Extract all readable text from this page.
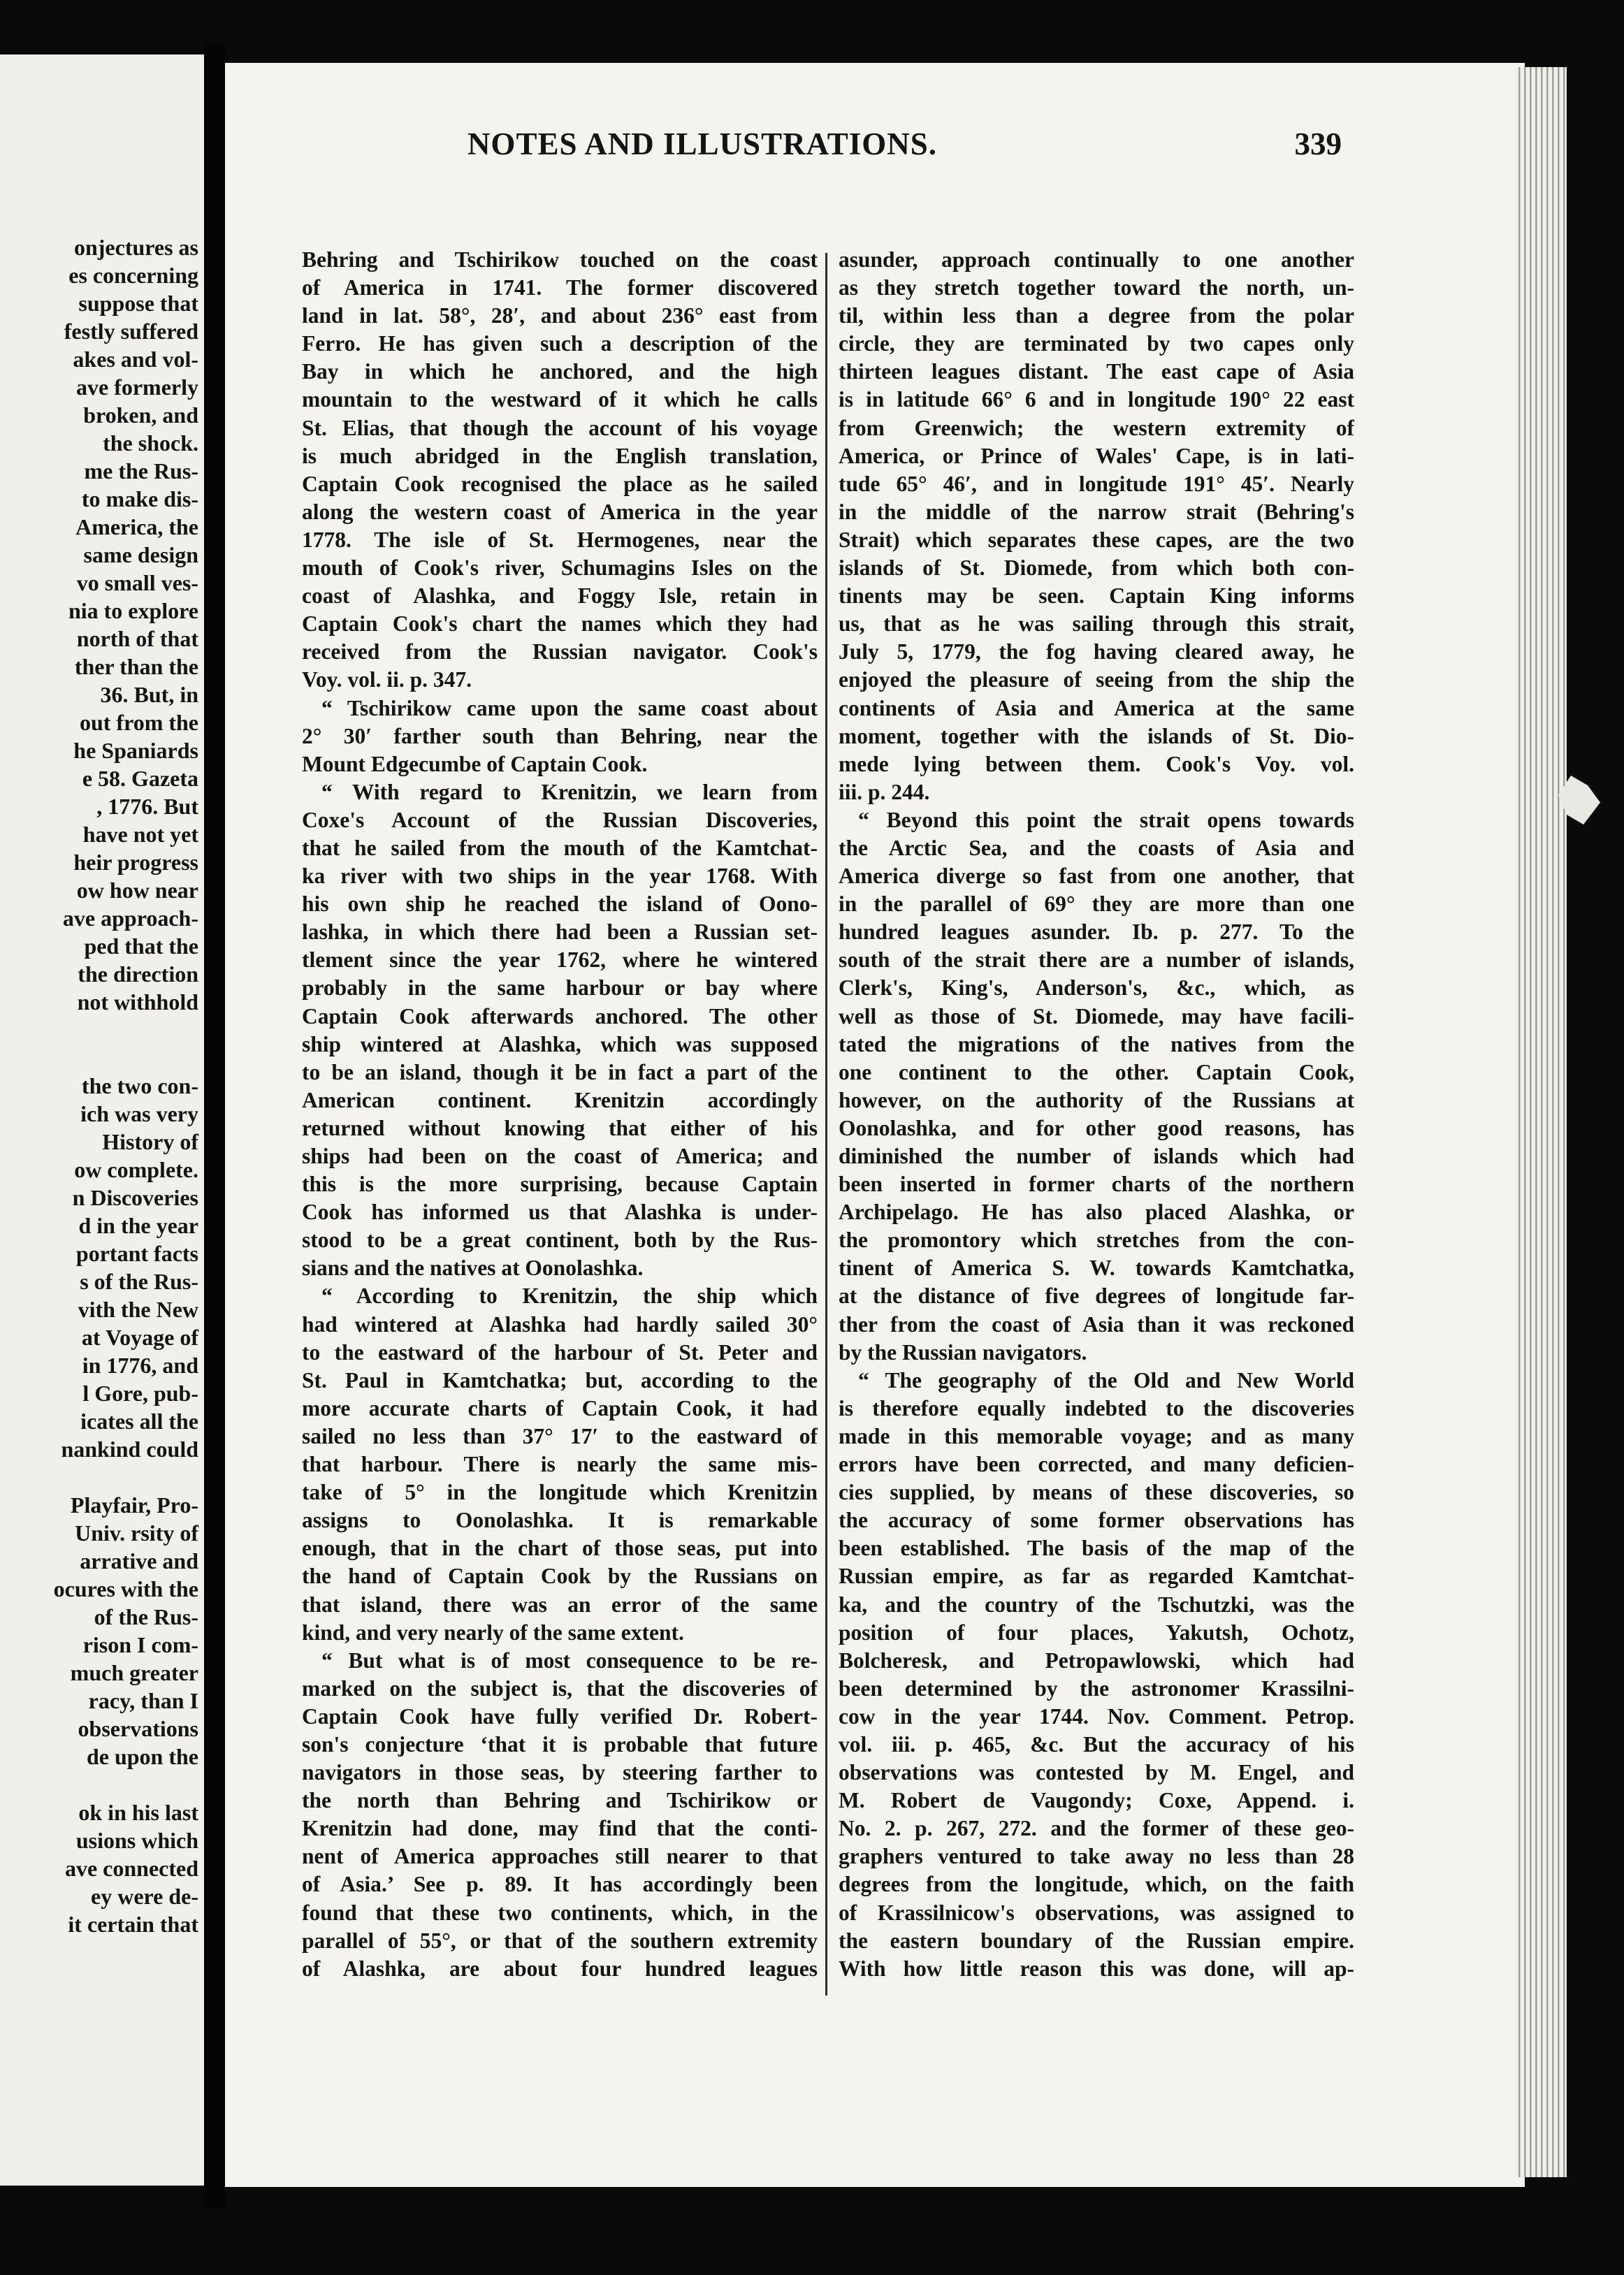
onjectures as
es concerning
suppose that
festly suffered
akes and vol-
ave formerly
broken, and
the shock.
me the Rus-
to make dis-
America, the
same design
vo small ves-
nia to explore
north of that
ther than the
36. But, in
out from the
he Spaniards
e 58. Gazeta
, 1776. But
have not yet
heir progress
ow how near
ave approach-
ped that the
the direction
not withhold
the two con-
ich was very
History of
ow complete.
n Discoveries
d in the year
portant facts
s of the Rus-
vith the New
at Voyage of
in 1776, and
l Gore, pub-
icates all the
nankind could
Playfair, Pro-
Univ. rsity of
arrative and
ocures with the
of the Rus-
rison I com-
much greater
racy, than I
observations
de upon the
ok in his last
usions which
ave connected
ey were de-
it certain that
NOTES AND ILLUSTRATIONS.	339
Behring and Tschirikow touched on the coast
of America in 1741. The former discovered
land in lat. 58°, 28′, and about 236° east from
Ferro. He has given such a description of the
Bay in which he anchored, and the high
mountain to the westward of it which he calls
St. Elias, that though the account of his voyage
is much abridged in the English translation,
Captain Cook recognised the place as he sailed
along the western coast of America in the year
1778. The isle of St. Hermogenes, near the
mouth of Cook's river, Schumagins Isles on the
coast of Alashka, and Foggy Isle, retain in
Captain Cook's chart the names which they had
received from the Russian navigator. Cook's
Voy. vol. ii. p. 347.
“ Tschirikow came upon the same coast about
2° 30′ farther south than Behring, near the
Mount Edgecumbe of Captain Cook.
“ With regard to Krenitzin, we learn from
Coxe's Account of the Russian Discoveries,
that he sailed from the mouth of the Kamtchat-
ka river with two ships in the year 1768. With
his own ship he reached the island of Oono-
lashka, in which there had been a Russian set-
tlement since the year 1762, where he wintered
probably in the same harbour or bay where
Captain Cook afterwards anchored. The other
ship wintered at Alashka, which was supposed
to be an island, though it be in fact a part of the
American continent. Krenitzin accordingly
returned without knowing that either of his
ships had been on the coast of America; and
this is the more surprising, because Captain
Cook has informed us that Alashka is under-
stood to be a great continent, both by the Rus-
sians and the natives at Oonolashka.
“ According to Krenitzin, the ship which
had wintered at Alashka had hardly sailed 30°
to the eastward of the harbour of St. Peter and
St. Paul in Kamtchatka; but, according to the
more accurate charts of Captain Cook, it had
sailed no less than 37° 17′ to the eastward of
that harbour. There is nearly the same mis-
take of 5° in the longitude which Krenitzin
assigns to Oonolashka. It is remarkable
enough, that in the chart of those seas, put into
the hand of Captain Cook by the Russians on
that island, there was an error of the same
kind, and very nearly of the same extent.
“ But what is of most consequence to be re-
marked on the subject is, that the discoveries of
Captain Cook have fully verified Dr. Robert-
son's conjecture ‘that it is probable that future
navigators in those seas, by steering farther to
the north than Behring and Tschirikow or
Krenitzin had done, may find that the conti-
nent of America approaches still nearer to that
of Asia.’ See p. 89. It has accordingly been
found that these two continents, which, in the
parallel of 55°, or that of the southern extremity
of Alashka, are about four hundred leagues
asunder, approach continually to one another
as they stretch together toward the north, un-
til, within less than a degree from the polar
circle, they are terminated by two capes only
thirteen leagues distant. The east cape of Asia
is in latitude 66° 6 and in longitude 190° 22 east
from Greenwich; the western extremity of
America, or Prince of Wales' Cape, is in lati-
tude 65° 46′, and in longitude 191° 45′. Nearly
in the middle of the narrow strait (Behring's
Strait) which separates these capes, are the two
islands of St. Diomede, from which both con-
tinents may be seen. Captain King informs
us, that as he was sailing through this strait,
July 5, 1779, the fog having cleared away, he
enjoyed the pleasure of seeing from the ship the
continents of Asia and America at the same
moment, together with the islands of St. Dio-
mede lying between them. Cook's Voy. vol.
iii. p. 244.
“ Beyond this point the strait opens towards
the Arctic Sea, and the coasts of Asia and
America diverge so fast from one another, that
in the parallel of 69° they are more than one
hundred leagues asunder. Ib. p. 277. To the
south of the strait there are a number of islands,
Clerk's, King's, Anderson's, &c., which, as
well as those of St. Diomede, may have facili-
tated the migrations of the natives from the
one continent to the other. Captain Cook,
however, on the authority of the Russians at
Oonolashka, and for other good reasons, has
diminished the number of islands which had
been inserted in former charts of the northern
Archipelago. He has also placed Alashka, or
the promontory which stretches from the con-
tinent of America S. W. towards Kamtchatka,
at the distance of five degrees of longitude far-
ther from the coast of Asia than it was reckoned
by the Russian navigators.
“ The geography of the Old and New World
is therefore equally indebted to the discoveries
made in this memorable voyage; and as many
errors have been corrected, and many deficien-
cies supplied, by means of these discoveries, so
the accuracy of some former observations has
been established. The basis of the map of the
Russian empire, as far as regarded Kamtchat-
ka, and the country of the Tschutzki, was the
position of four places, Yakutsh, Ochotz,
Bolcheresk, and Petropawlowski, which had
been determined by the astronomer Krassilni-
cow in the year 1744. Nov. Comment. Petrop.
vol. iii. p. 465, &c. But the accuracy of his
observations was contested by M. Engel, and
M. Robert de Vaugondy; Coxe, Append. i.
No. 2. p. 267, 272. and the former of these geo-
graphers ventured to take away no less than 28
degrees from the longitude, which, on the faith
of Krassilnicow's observations, was assigned to
the eastern boundary of the Russian empire.
With how little reason this was done, will ap-
